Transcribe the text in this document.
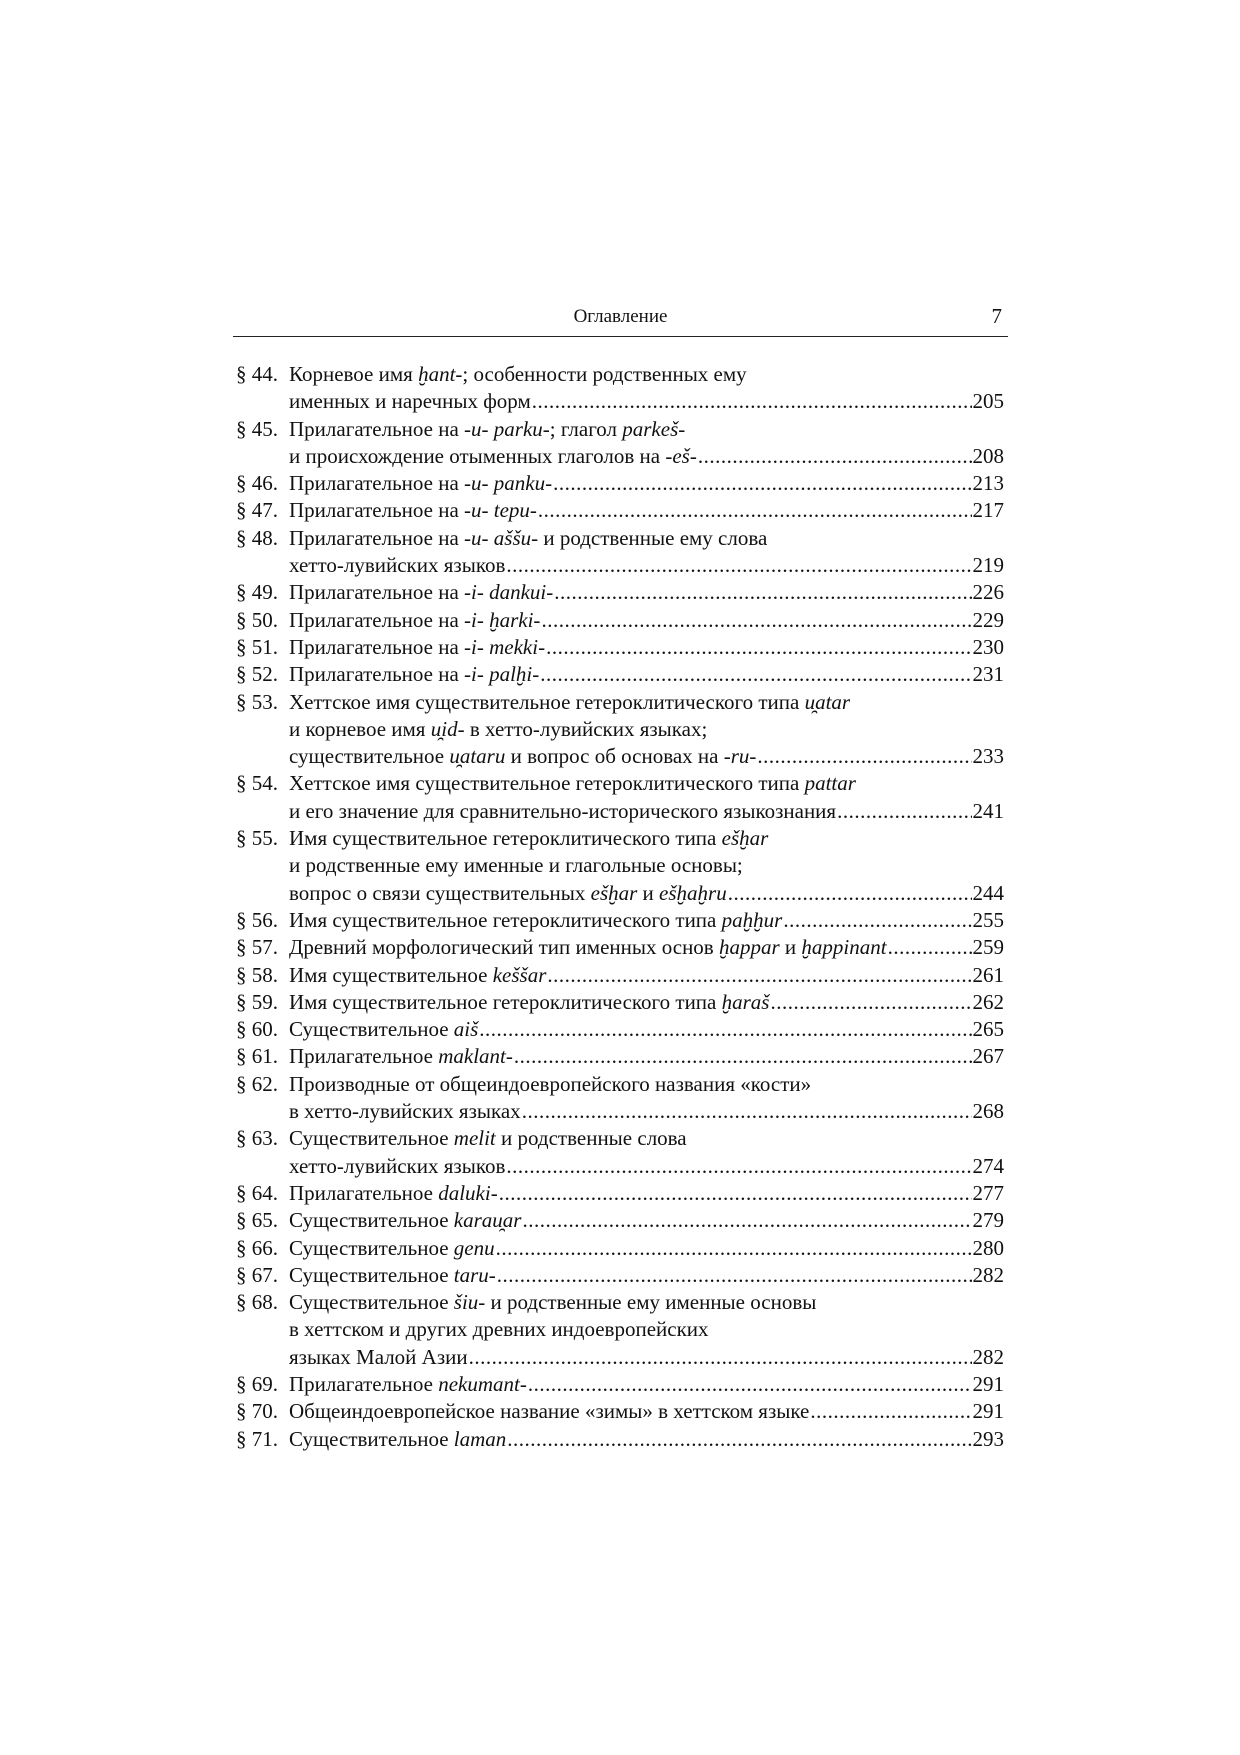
Оглавление	7
§ 44. Корневое имя ḫant-; особенности родственных ему
именных и наречных форм .....	205
§ 45. Прилагательное на -u- parku-; глагол parkeš-
и происхождение отыменных глаголов на -eš- .....	208
§ 46. Прилагательное на -u- panku- .....	213
§ 47. Прилагательное на -u- tepu- .....	217
§ 48. Прилагательное на -u- aššu- и родственные ему слова
хетто-лувийских языков .....	219
§ 49. Прилагательное на -i- dankui- .....	226
§ 50. Прилагательное на -i- ḫarki- .....	229
§ 51. Прилагательное на -i- mekki- .....	230
§ 52. Прилагательное на -i- palḫi- .....	231
§ 53. Хеттское имя существительное гетероклитического типа u̯atar
и корневое имя u̯id- в хетто-лувийских языках;
существительное u̯ataru и вопрос об основах на -ru- .....	233
§ 54. Хеттское имя существительное гетероклитического типа pattar
и его значение для сравнительно-исторического языкознания .....	241
§ 55. Имя существительное гетероклитического типа ešḫar
и родственные ему именные и глагольные основы;
вопрос о связи существительных ešḫar и ešḫaḫru .....	244
§ 56. Имя существительное гетероклитического типа paḫḫur .....	255
§ 57. Древний морфологический тип именных основ ḫappar и ḫappinant .....	259
§ 58. Имя существительное keššar .....	261
§ 59. Имя существительное гетероклитического типа ḫaraš .....	262
§ 60. Существительное aiš .....	265
§ 61. Прилагательное maklant- .....	267
§ 62. Производные от общеиндоевропейского названия «кости»
в хетто-лувийских языках .....	268
§ 63. Существительное melit и родственные слова
хетто-лувийских языков .....	274
§ 64. Прилагательное daluki- .....	277
§ 65. Существительное karau̯ar .....	279
§ 66. Существительное genu .....	280
§ 67. Существительное taru- .....	282
§ 68. Существительное šiu- и родственные ему именные основы
в хеттском и других древних индоевропейских
языках Малой Азии .....	282
§ 69. Прилагательное nekumant- .....	291
§ 70. Общеиндоевропейское название «зимы» в хеттском языке .....	291
§ 71. Существительное laman .....	293
